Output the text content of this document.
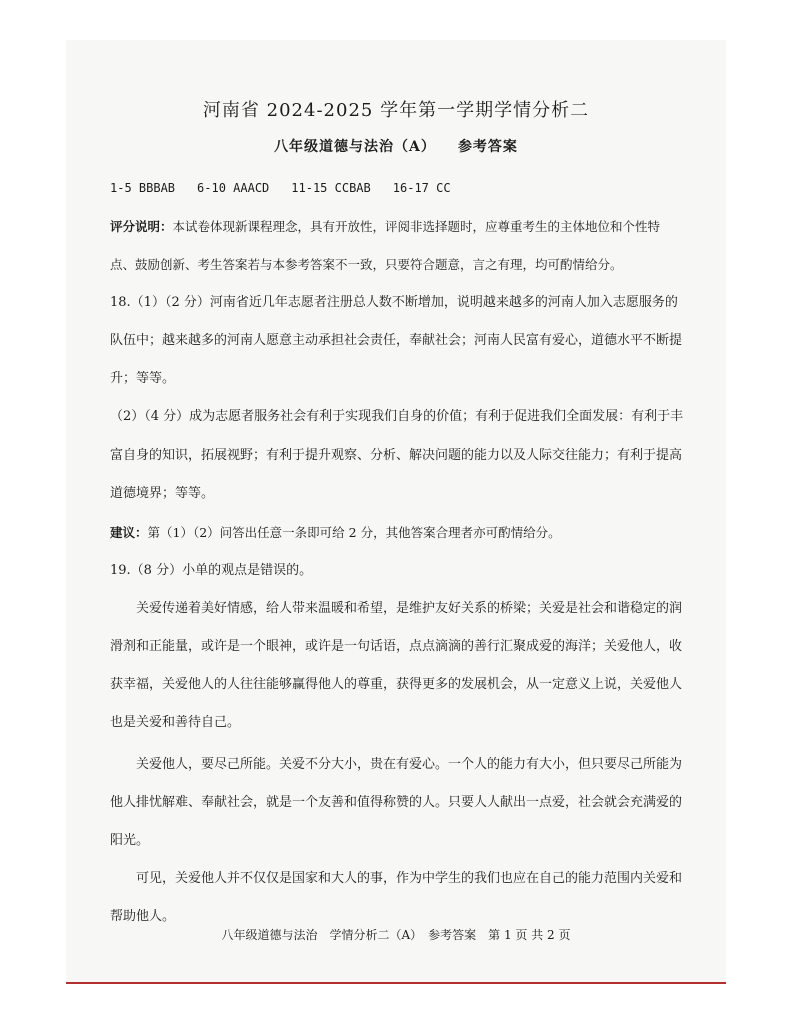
河南省 2024-2025 学年第一学期学情分析二
八年级道德与法治（A） 参考答案
1-5 BBBAB 6-10 AAACD 11-15 CCBAB 16-17 CC
评分说明：本试卷体现新课程理念，具有开放性，评阅非选择题时，应尊重考生的主体地位和个性特
点、鼓励创新、考生答案若与本参考答案不一致，只要符合题意，言之有理，均可酌情给分。
18.（1）（2 分）河南省近几年志愿者注册总人数不断增加，说明越来越多的河南人加入志愿服务的
队伍中；越来越多的河南人愿意主动承担社会责任，奉献社会；河南人民富有爱心，道德水平不断提
升；等等。
（2）（4 分）成为志愿者服务社会有利于实现我们自身的价值；有利于促进我们全面发展：有利于丰
富自身的知识，拓展视野；有利于提升观察、分析、解决问题的能力以及人际交往能力；有利于提高
道德境界；等等。
建议：第（1）（2）问答出任意一条即可给 2 分，其他答案合理者亦可酌情给分。
19.（8 分）小单的观点是错误的。
关爱传递着美好情感，给人带来温暖和希望，是维护友好关系的桥梁；关爱是社会和谐稳定的润
滑剂和正能量，或许是一个眼神，或许是一句话语，点点滴滴的善行汇聚成爱的海洋；关爱他人，收
获幸福，关爱他人的人往往能够赢得他人的尊重，获得更多的发展机会，从一定意义上说，关爱他人
也是关爱和善待自己。
关爱他人，要尽己所能。关爱不分大小，贵在有爱心。一个人的能力有大小，但只要尽己所能为
他人排忧解难、奉献社会，就是一个友善和值得称赞的人。只要人人献出一点爱，社会就会充满爱的
阳光。
可见，关爱他人并不仅仅是国家和大人的事，作为中学生的我们也应在自己的能力范围内关爱和
帮助他人。
八年级道德与法治　学情分析二（A）　参考答案　第 1 页 共 2 页
